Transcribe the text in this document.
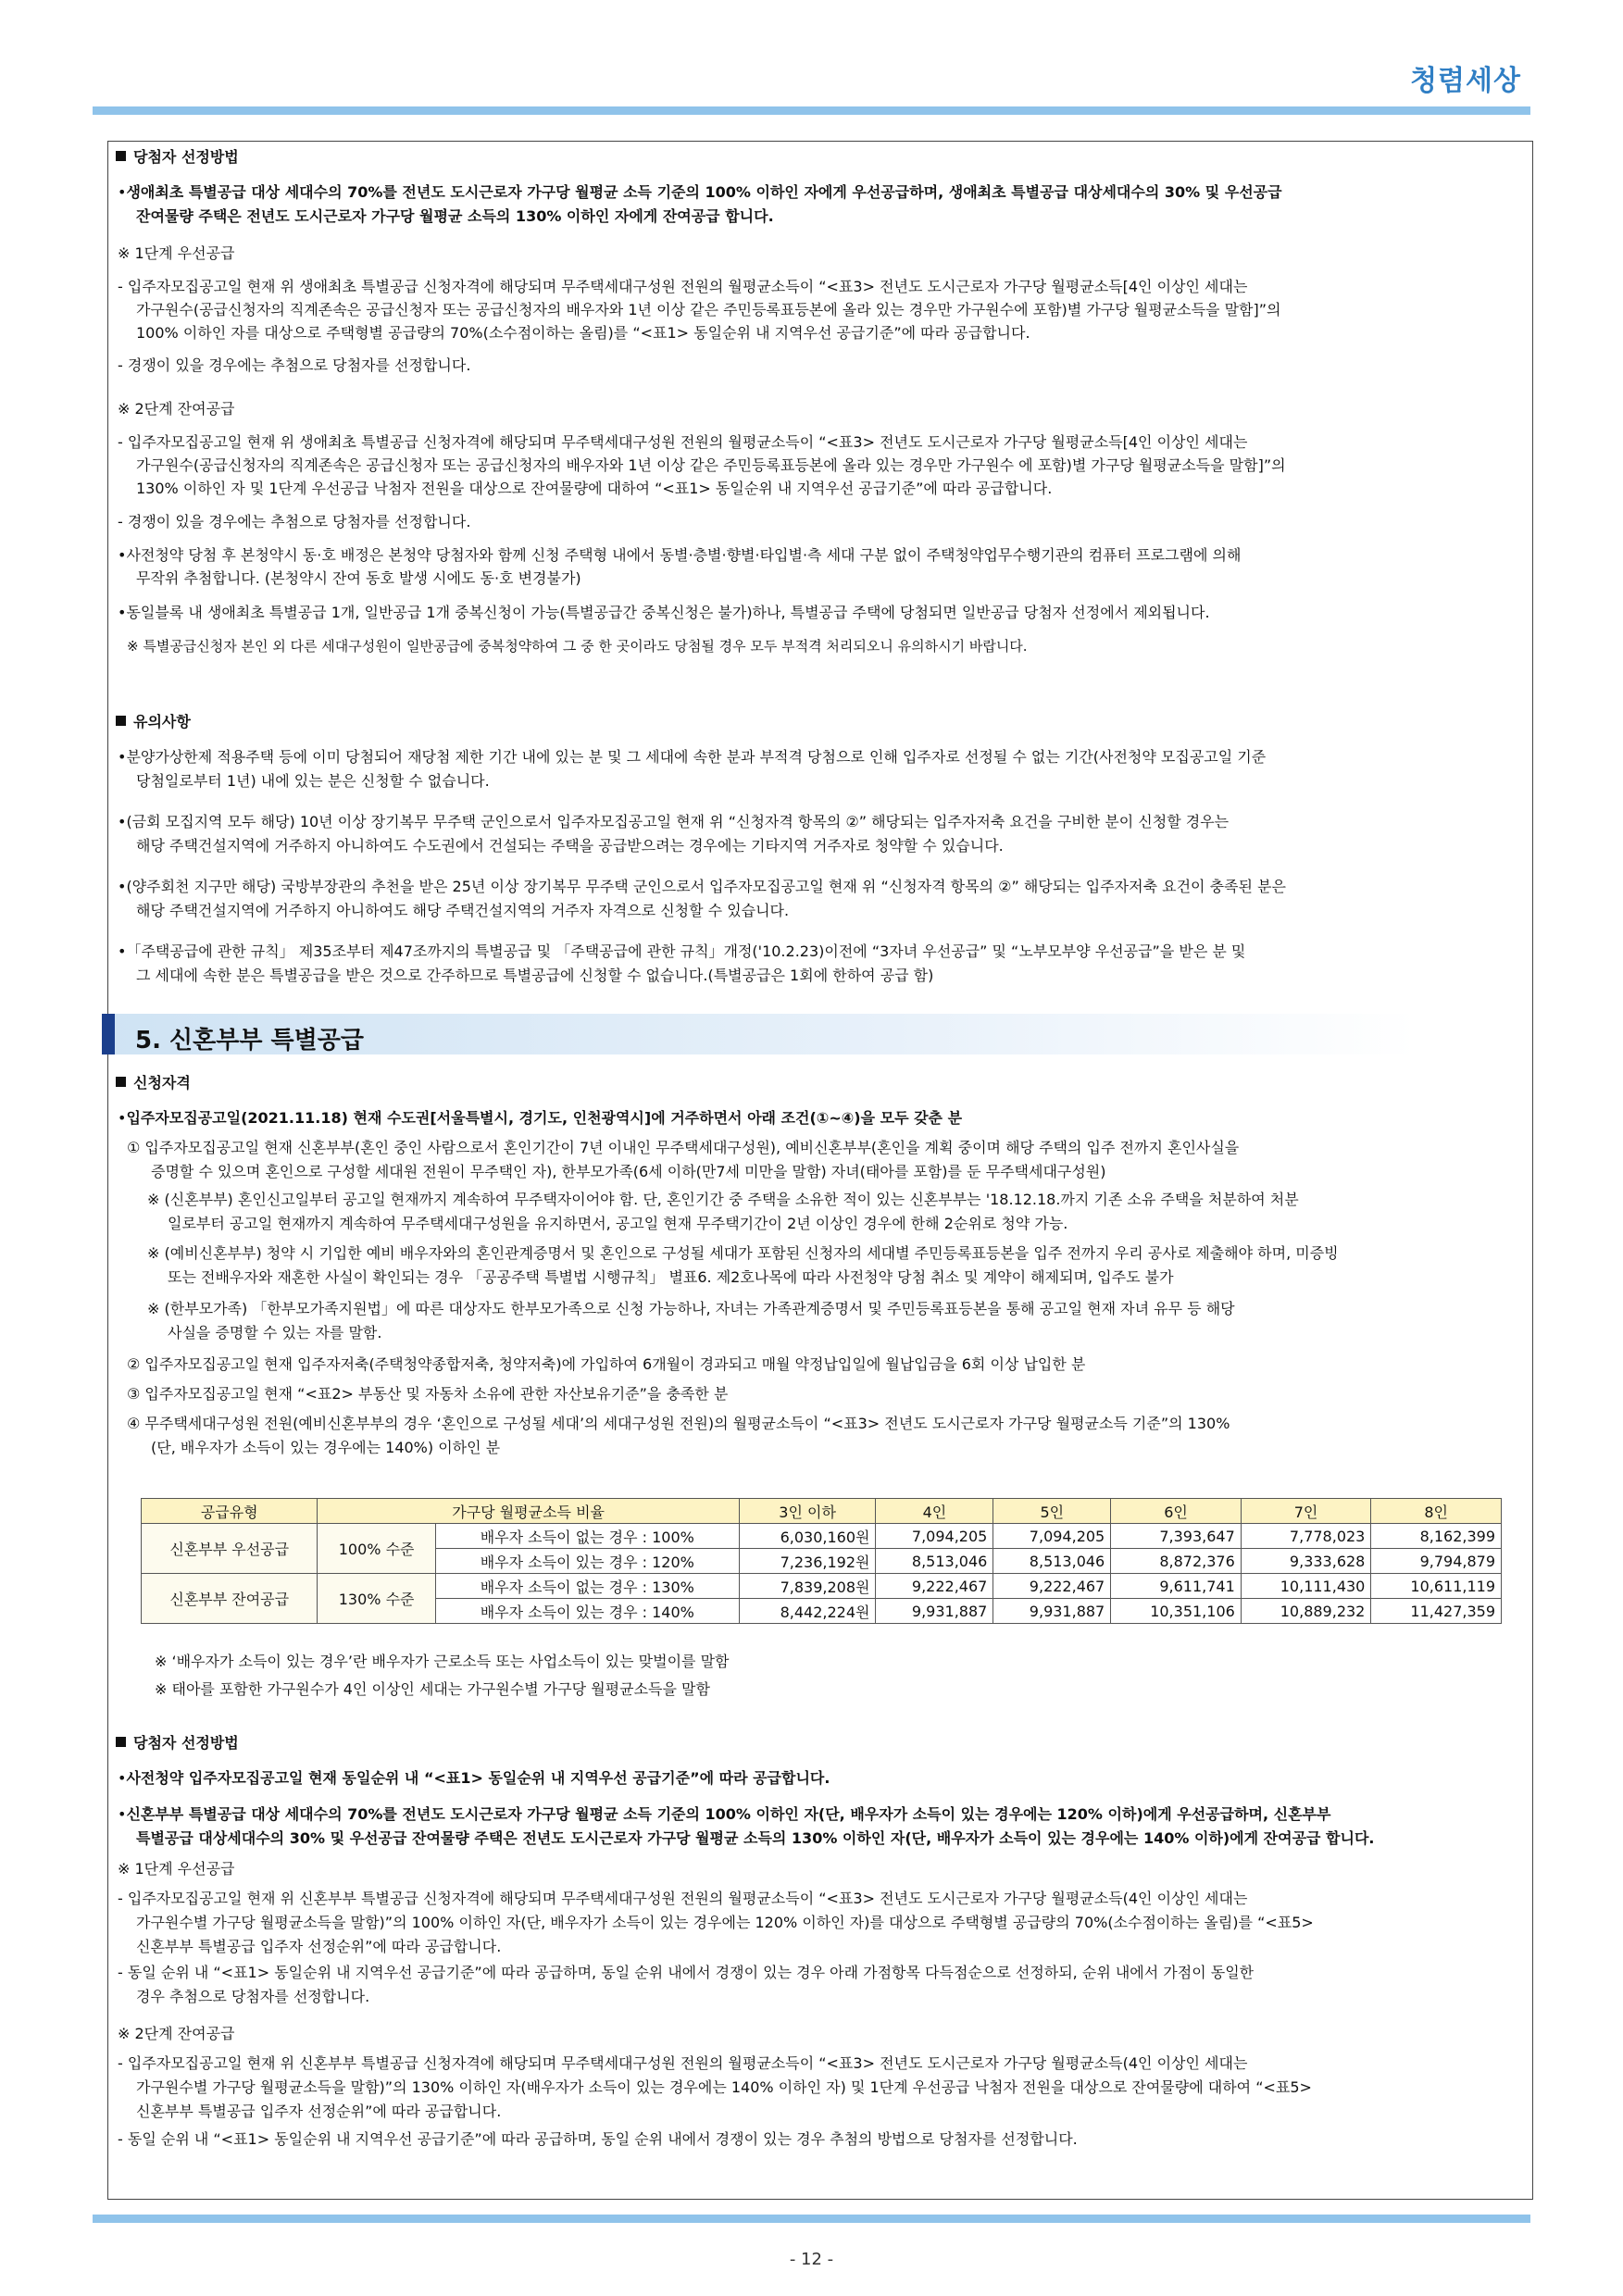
청렴세상
당첨자 선정방법
•생애최초 특별공급 대상 세대수의 70%를 전년도 도시근로자 가구당 월평균 소득 기준의 100% 이하인 자에게 우선공급하며, 생애최초 특별공급 대상세대수의 30% 및 우선공급
잔여물량 주택은 전년도 도시근로자 가구당 월평균 소득의 130% 이하인 자에게 잔여공급 합니다.
※ 1단계 우선공급
- 입주자모집공고일 현재 위 생애최초 특별공급 신청자격에 해당되며 무주택세대구성원 전원의 월평균소득이 “<표3> 전년도 도시근로자 가구당 월평균소득[4인 이상인 세대는
가구원수(공급신청자의 직계존속은 공급신청자 또는 공급신청자의 배우자와 1년 이상 같은 주민등록표등본에 올라 있는 경우만 가구원수에 포함)별 가구당 월평균소득을 말함]”의
100% 이하인 자를 대상으로 주택형별 공급량의 70%(소수점이하는 올림)를 “<표1> 동일순위 내 지역우선 공급기준”에 따라 공급합니다.
- 경쟁이 있을 경우에는 추첨으로 당첨자를 선정합니다.
※ 2단계 잔여공급
- 입주자모집공고일 현재 위 생애최초 특별공급 신청자격에 해당되며 무주택세대구성원 전원의 월평균소득이 “<표3> 전년도 도시근로자 가구당 월평균소득[4인 이상인 세대는
가구원수(공급신청자의 직계존속은 공급신청자 또는 공급신청자의 배우자와 1년 이상 같은 주민등록표등본에 올라 있는 경우만 가구원수 에 포함)별 가구당 월평균소득을 말함]”의
130% 이하인 자 및 1단계 우선공급 낙첨자 전원을 대상으로 잔여물량에 대하여 “<표1> 동일순위 내 지역우선 공급기준”에 따라 공급합니다.
- 경쟁이 있을 경우에는 추첨으로 당첨자를 선정합니다.
•사전청약 당첨 후 본청약시 동·호 배정은 본청약 당첨자와 함께 신청 주택형 내에서 동별·층별·향별·타입별·측 세대 구분 없이 주택청약업무수행기관의 컴퓨터 프로그램에 의해
무작위 추첨합니다. (본청약시 잔여 동호 발생 시에도 동·호 변경불가)
•동일블록 내 생애최초 특별공급 1개, 일반공급 1개 중복신청이 가능(특별공급간 중복신청은 불가)하나, 특별공급 주택에 당첨되면 일반공급 당첨자 선정에서 제외됩니다.
※ 특별공급신청자 본인 외 다른 세대구성원이 일반공급에 중복청약하여 그 중 한 곳이라도 당첨될 경우 모두 부적격 처리되오니 유의하시기 바랍니다.
유의사항
•분양가상한제 적용주택 등에 이미 당첨되어 재당첨 제한 기간 내에 있는 분 및 그 세대에 속한 분과 부적격 당첨으로 인해 입주자로 선정될 수 없는 기간(사전청약 모집공고일 기준
당첨일로부터 1년) 내에 있는 분은 신청할 수 없습니다.
•(금회 모집지역 모두 해당) 10년 이상 장기복무 무주택 군인으로서 입주자모집공고일 현재 위 “신청자격 항목의 ②” 해당되는 입주자저축 요건을 구비한 분이 신청할 경우는
해당 주택건설지역에 거주하지 아니하여도 수도권에서 건설되는 주택을 공급받으려는 경우에는 기타지역 거주자로 청약할 수 있습니다.
•(양주회천 지구만 해당) 국방부장관의 추천을 받은 25년 이상 장기복무 무주택 군인으로서 입주자모집공고일 현재 위 “신청자격 항목의 ②” 해당되는 입주자저축 요건이 충족된 분은
해당 주택건설지역에 거주하지 아니하여도 해당 주택건설지역의 거주자 자격으로 신청할 수 있습니다.
•「주택공급에 관한 규칙」 제35조부터 제47조까지의 특별공급 및 「주택공급에 관한 규칙」개정('10.2.23)이전에 “3자녀 우선공급” 및 “노부모부양 우선공급”을 받은 분 및
그 세대에 속한 분은 특별공급을 받은 것으로 간주하므로 특별공급에 신청할 수 없습니다.(특별공급은 1회에 한하여 공급 함)
5. 신혼부부 특별공급
신청자격
•입주자모집공고일(2021.11.18) 현재 수도권[서울특별시, 경기도, 인천광역시]에 거주하면서 아래 조건(①~④)을 모두 갖춘 분
① 입주자모집공고일 현재 신혼부부(혼인 중인 사람으로서 혼인기간이 7년 이내인 무주택세대구성원), 예비신혼부부(혼인을 계획 중이며 해당 주택의 입주 전까지 혼인사실을
증명할 수 있으며 혼인으로 구성할 세대원 전원이 무주택인 자), 한부모가족(6세 이하(만7세 미만을 말함) 자녀(태아를 포함)를 둔 무주택세대구성원)
※ (신혼부부) 혼인신고일부터 공고일 현재까지 계속하여 무주택자이어야 함. 단, 혼인기간 중 주택을 소유한 적이 있는 신혼부부는 '18.12.18.까지 기존 소유 주택을 처분하여 처분
일로부터 공고일 현재까지 계속하여 무주택세대구성원을 유지하면서, 공고일 현재 무주택기간이 2년 이상인 경우에 한해 2순위로 청약 가능.
※ (예비신혼부부) 청약 시 기입한 예비 배우자와의 혼인관계증명서 및 혼인으로 구성될 세대가 포함된 신청자의 세대별 주민등록표등본을 입주 전까지 우리 공사로 제출해야 하며, 미증빙
또는 전배우자와 재혼한 사실이 확인되는 경우 「공공주택 특별법 시행규칙」 별표6. 제2호나목에 따라 사전청약 당첨 취소 및 계약이 해제되며, 입주도 불가
※ (한부모가족) 「한부모가족지원법」에 따른 대상자도 한부모가족으로 신청 가능하나, 자녀는 가족관계증명서 및 주민등록표등본을 통해 공고일 현재 자녀 유무 등 해당
사실을 증명할 수 있는 자를 말함.
② 입주자모집공고일 현재 입주자저축(주택청약종합저축, 청약저축)에 가입하여 6개월이 경과되고 매월 약정납입일에 월납입금을 6회 이상 납입한 분
③ 입주자모집공고일 현재 “<표2> 부동산 및 자동차 소유에 관한 자산보유기준”을 충족한 분
④ 무주택세대구성원 전원(예비신혼부부의 경우 ‘혼인으로 구성될 세대’의 세대구성원 전원)의 월평균소득이 “<표3> 전년도 도시근로자 가구당 월평균소득 기준”의 130%
(단, 배우자가 소득이 있는 경우에는 140%) 이하인 분
공급유형	가구당 월평균소득 비율		3인 이하	4인	5인	6인	7인	8인
신혼부부 우선공급	100% 수준	배우자 소득이 없는 경우 : 100%	6,030,160원	7,094,205	7,094,205	7,393,647	7,778,023	8,162,399
		배우자 소득이 있는 경우 : 120%	7,236,192원	8,513,046	8,513,046	8,872,376	9,333,628	9,794,879
신혼부부 잔여공급	130% 수준	배우자 소득이 없는 경우 : 130%	7,839,208원	9,222,467	9,222,467	9,611,741	10,111,430	10,611,119
		배우자 소득이 있는 경우 : 140%	8,442,224원	9,931,887	9,931,887	10,351,106	10,889,232	11,427,359
※ ‘배우자가 소득이 있는 경우’란 배우자가 근로소득 또는 사업소득이 있는 맞벌이를 말함
※ 태아를 포함한 가구원수가 4인 이상인 세대는 가구원수별 가구당 월평균소득을 말함
당첨자 선정방법
•사전청약 입주자모집공고일 현재 동일순위 내 “<표1> 동일순위 내 지역우선 공급기준”에 따라 공급합니다.
•신혼부부 특별공급 대상 세대수의 70%를 전년도 도시근로자 가구당 월평균 소득 기준의 100% 이하인 자(단, 배우자가 소득이 있는 경우에는 120% 이하)에게 우선공급하며, 신혼부부
특별공급 대상세대수의 30% 및 우선공급 잔여물량 주택은 전년도 도시근로자 가구당 월평균 소득의 130% 이하인 자(단, 배우자가 소득이 있는 경우에는 140% 이하)에게 잔여공급 합니다.
※ 1단계 우선공급
- 입주자모집공고일 현재 위 신혼부부 특별공급 신청자격에 해당되며 무주택세대구성원 전원의 월평균소득이 “<표3> 전년도 도시근로자 가구당 월평균소득(4인 이상인 세대는
가구원수별 가구당 월평균소득을 말함)”의 100% 이하인 자(단, 배우자가 소득이 있는 경우에는 120% 이하인 자)를 대상으로 주택형별 공급량의 70%(소수점이하는 올림)를 “<표5>
신혼부부 특별공급 입주자 선정순위”에 따라 공급합니다.
- 동일 순위 내 “<표1> 동일순위 내 지역우선 공급기준”에 따라 공급하며, 동일 순위 내에서 경쟁이 있는 경우 아래 가점항목 다득점순으로 선정하되, 순위 내에서 가점이 동일한
경우 추첨으로 당첨자를 선정합니다.
※ 2단계 잔여공급
- 입주자모집공고일 현재 위 신혼부부 특별공급 신청자격에 해당되며 무주택세대구성원 전원의 월평균소득이 “<표3> 전년도 도시근로자 가구당 월평균소득(4인 이상인 세대는
가구원수별 가구당 월평균소득을 말함)”의 130% 이하인 자(배우자가 소득이 있는 경우에는 140% 이하인 자) 및 1단계 우선공급 낙첨자 전원을 대상으로 잔여물량에 대하여 “<표5>
신혼부부 특별공급 입주자 선정순위”에 따라 공급합니다.
- 동일 순위 내 “<표1> 동일순위 내 지역우선 공급기준”에 따라 공급하며, 동일 순위 내에서 경쟁이 있는 경우 추첨의 방법으로 당첨자를 선정합니다.
- 12 -
